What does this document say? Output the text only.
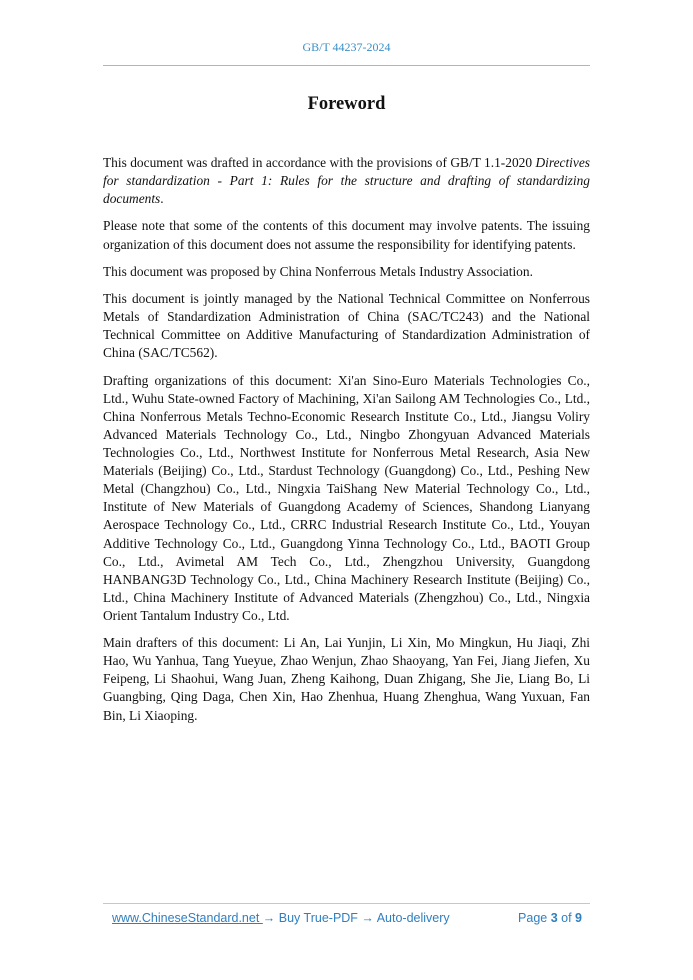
GB/T 44237-2024
Foreword

This document was drafted in accordance with the provisions of GB/T 1.1-2020 Directives for standardization - Part 1: Rules for the structure and drafting of standardizing documents.

Please note that some of the contents of this document may involve patents. The issuing organization of this document does not assume the responsibility for identifying patents.

This document was proposed by China Nonferrous Metals Industry Association.

This document is jointly managed by the National Technical Committee on Nonferrous Metals of Standardization Administration of China (SAC/TC243) and the National Technical Committee on Additive Manufacturing of Standardization Administration of China (SAC/TC562).

Drafting organizations of this document: Xi'an Sino-Euro Materials Technologies Co., Ltd., Wuhu State-owned Factory of Machining, Xi'an Sailong AM Technologies Co., Ltd., China Nonferrous Metals Techno-Economic Research Institute Co., Ltd., Jiangsu Voliry Advanced Materials Technology Co., Ltd., Ningbo Zhongyuan Advanced Materials Technologies Co., Ltd., Northwest Institute for Nonferrous Metal Research, Asia New Materials (Beijing) Co., Ltd., Stardust Technology (Guangdong) Co., Ltd., Peshing New Metal (Changzhou) Co., Ltd., Ningxia TaiShang New Material Technology Co., Ltd., Institute of New Materials of Guangdong Academy of Sciences, Shandong Lianyang Aerospace Technology Co., Ltd., CRRC Industrial Research Institute Co., Ltd., Youyan Additive Technology Co., Ltd., Guangdong Yinna Technology Co., Ltd., BAOTI Group Co., Ltd., Avimetal AM Tech Co., Ltd., Zhengzhou University, Guangdong HANBANG3D Technology Co., Ltd., China Machinery Research Institute (Beijing) Co., Ltd., China Machinery Institute of Advanced Materials (Zhengzhou) Co., Ltd., Ningxia Orient Tantalum Industry Co., Ltd.

Main drafters of this document: Li An, Lai Yunjin, Li Xin, Mo Mingkun, Hu Jiaqi, Zhi Hao, Wu Yanhua, Tang Yueyue, Zhao Wenjun, Zhao Shaoyang, Yan Fei, Jiang Jiefen, Xu Feipeng, Li Shaohui, Wang Juan, Zheng Kaihong, Duan Zhigang, She Jie, Liang Bo, Li Guangbing, Qing Daga, Chen Xin, Hao Zhenhua, Huang Zhenghua, Wang Yuxuan, Fan Bin, Li Xiaoping.

www.ChineseStandard.net → Buy True-PDF → Auto-delivery	Page 3 of 9
